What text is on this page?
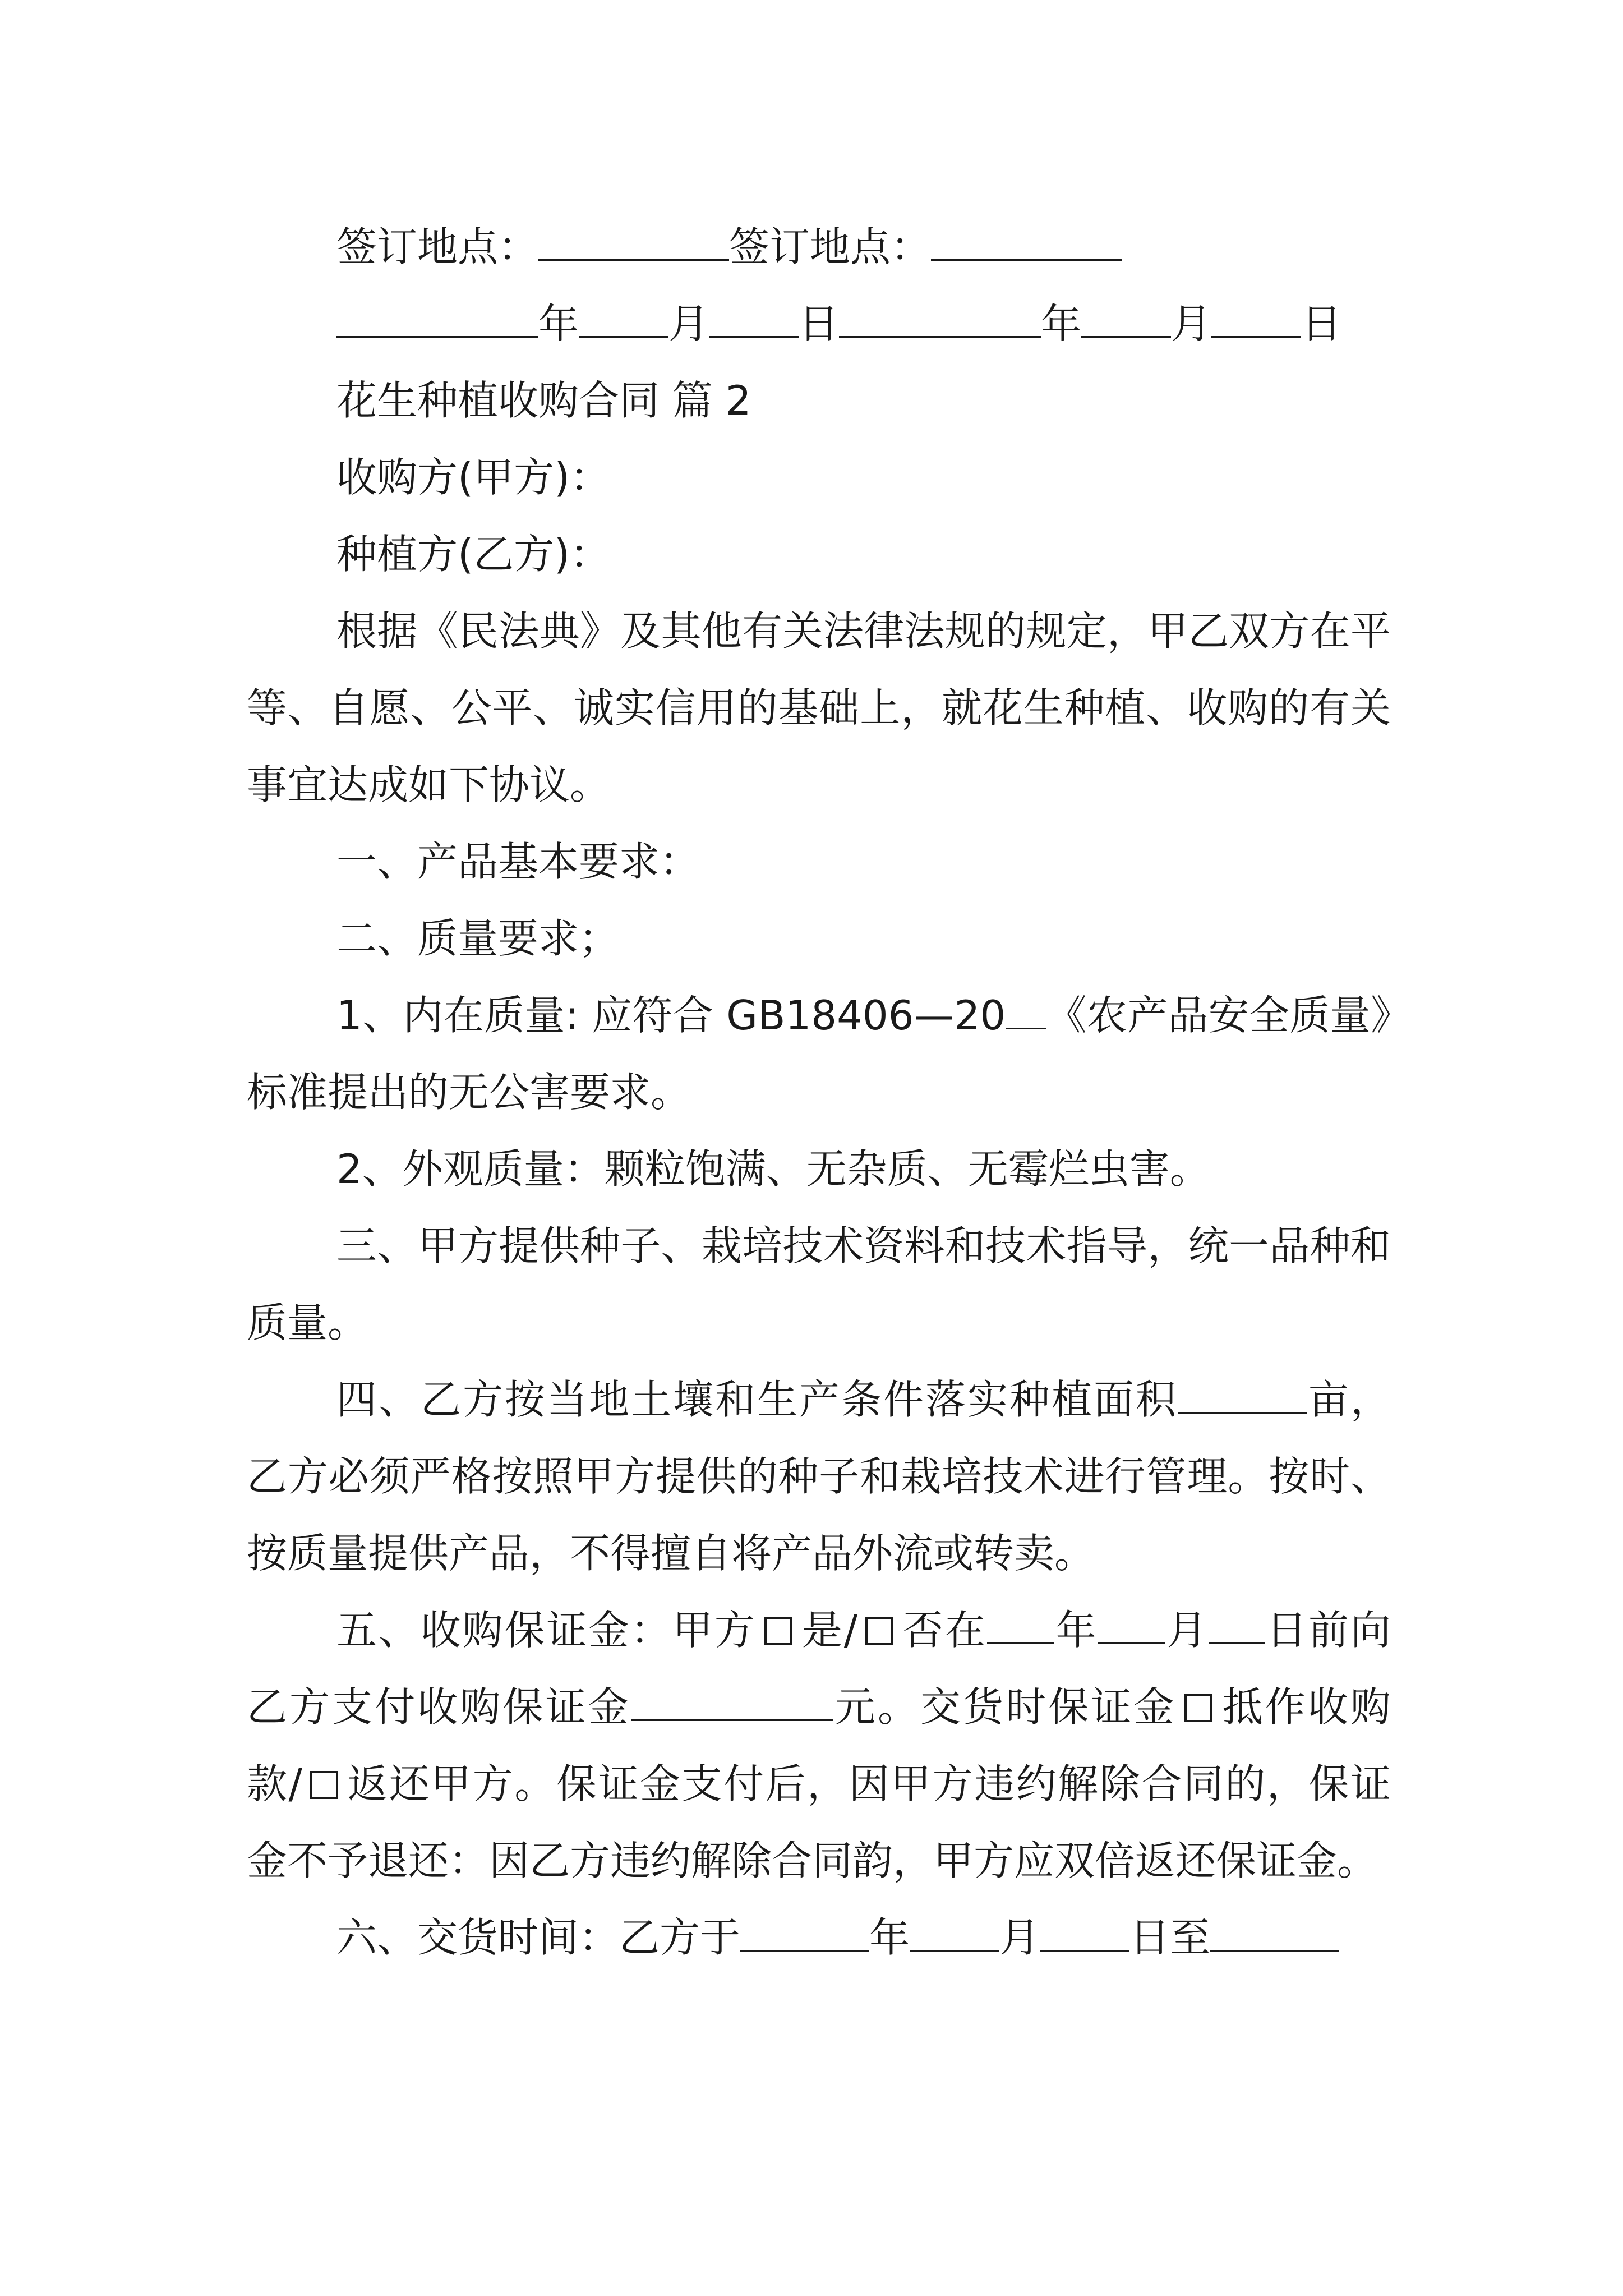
签订地点：	签订地点：
年 月 日	年 月 日
花生种植收购合同 篇 2
收购方(甲方)：
种植方(乙方)：
根据《民法典》及其他有关法律法规的规定，甲乙双方在平等、自愿、公平、诚实信用的基础上，就花生种植、收购的有关事宜达成如下协议。
一、产品基本要求：
二、质量要求；
1、内在质量: 应符合 GB18406—20 《农产品安全质量》标准提出的无公害要求。
2、外观质量：颗粒饱满、无杂质、无霉烂虫害。
三、甲方提供种子、栽培技术资料和技术指导，统一品种和质量。
四、乙方按当地土壤和生产条件落实种植面积	亩，乙方必须严格按照甲方提供的种子和栽培技术进行管理。按时、按质量提供产品，不得擅自将产品外流或转卖。
五、收购保证金：甲方 是/ 否在 年 月 日前向乙方支付收购保证金	元。交货时保证金 抵作收购款/ 返还甲方。保证金支付后，因甲方违约解除合同的，保证金不予退还：因乙方违约解除合同韵，甲方应双倍返还保证金。
六、交货时间：乙方于	年 月 日至
